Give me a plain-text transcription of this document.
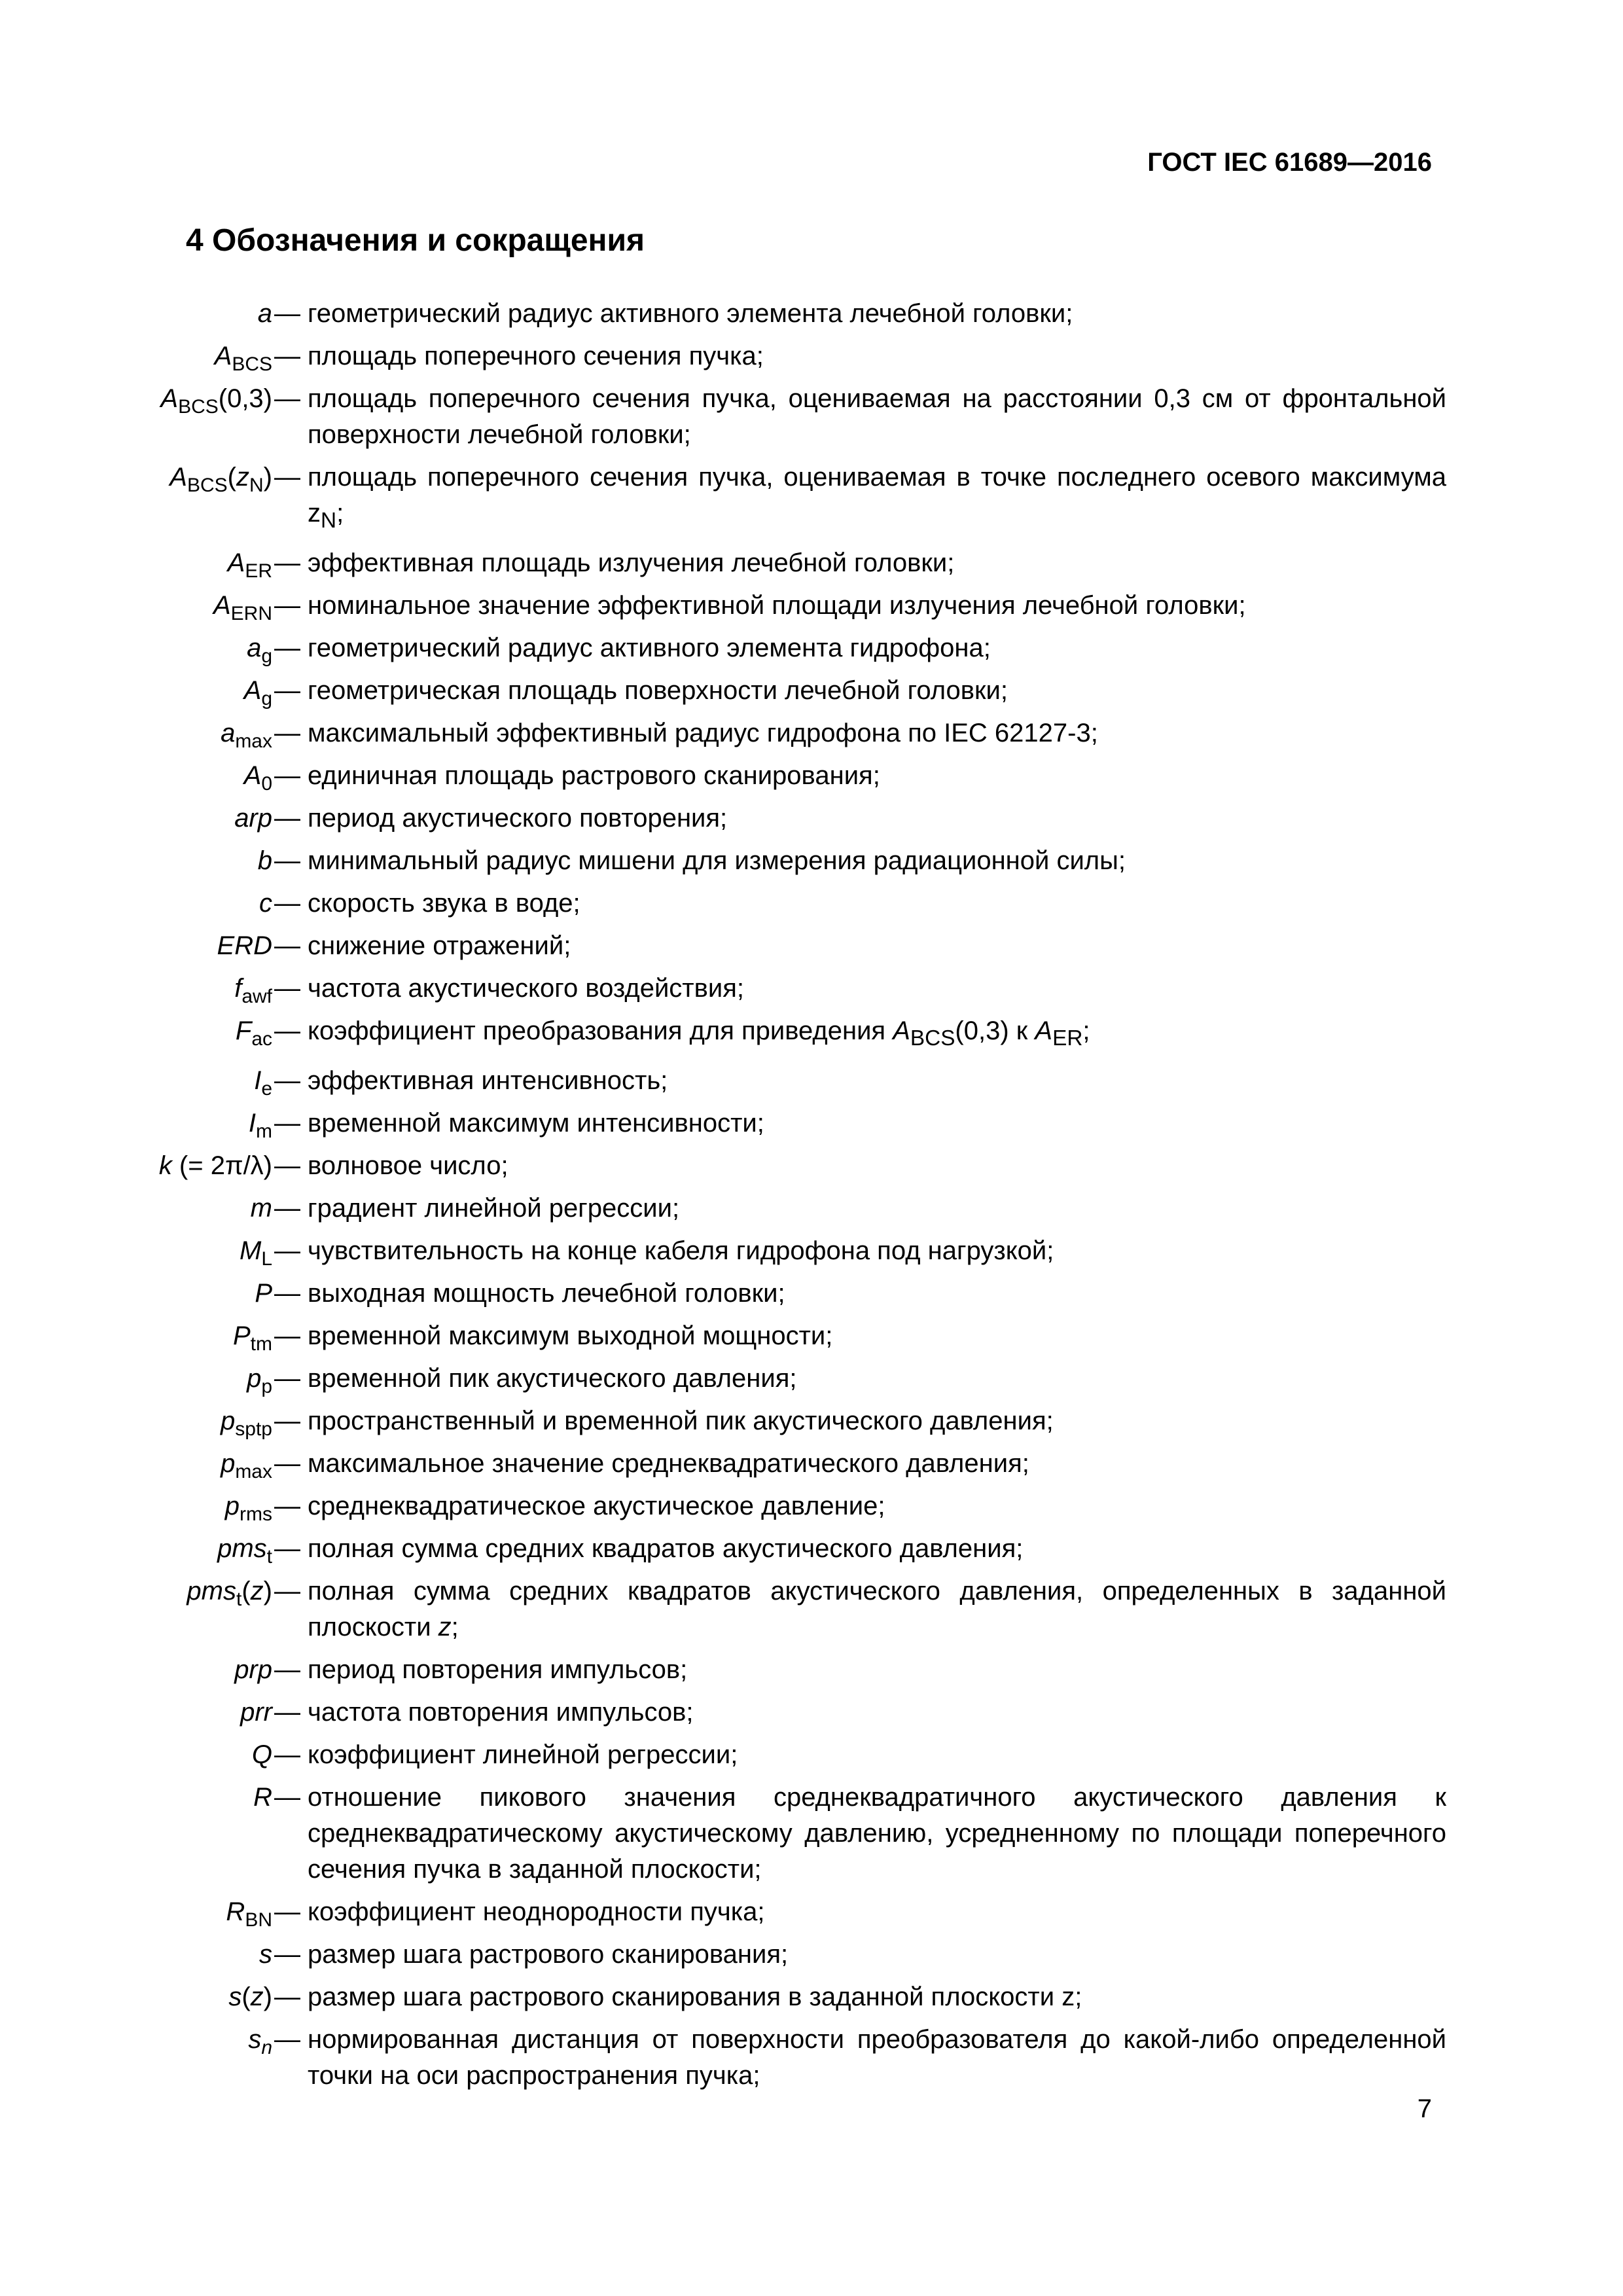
ГОСТ IEC 61689—2016
4 Обозначения и сокращения
a — геометрический радиус активного элемента лечебной головки;
$A_{BCS}$ — площадь поперечного сечения пучка;
$A_{BCS}(0,3)$ — площадь поперечного сечения пучка, оцениваемая на расстоянии 0,3 см от фронтальной поверхности лечебной головки;
$A_{BCS}(z_N)$ — площадь поперечного сечения пучка, оцениваемая в точке последнего осевого максимума $z_N$;
$A_{ER}$ — эффективная площадь излучения лечебной головки;
$A_{ERN}$ — номинальное значение эффективной площади излучения лечебной головки;
$a_g$ — геометрический радиус активного элемента гидрофона;
$A_g$ — геометрическая площадь поверхности лечебной головки;
$a_{max}$ — максимальный эффективный радиус гидрофона по IEC 62127-3;
$A_0$ — единичная площадь растрового сканирования;
arp — период акустического повторения;
b — минимальный радиус мишени для измерения радиационной силы;
c — скорость звука в воде;
ERD — снижение отражений;
$f_{awf}$ — частота акустического воздействия;
$F_{ac}$ — коэффициент преобразования для приведения $A_{BCS}(0,3)$ к $A_{ER}$;
$I_e$ — эффективная интенсивность;
$I_m$ — временной максимум интенсивности;
k (= 2π/λ) — волновое число;
m — градиент линейной регрессии;
$M_L$ — чувствительность на конце кабеля гидрофона под нагрузкой;
P — выходная мощность лечебной головки;
$P_{tm}$ — временной максимум выходной мощности;
$p_p$ — временной пик акустического давления;
$p_{sptp}$ — пространственный и временной пик акустического давления;
$p_{max}$ — максимальное значение среднеквадратического давления;
$p_{rms}$ — среднеквадратическое акустическое давление;
pms$_t$ — полная сумма средних квадратов акустического давления;
pms$_t$(z) — полная сумма средних квадратов акустического давления, определенных в заданной плоскости z;
prp — период повторения импульсов;
prr — частота повторения импульсов;
Q — коэффициент линейной регрессии;
R — отношение пикового значения среднеквадратичного акустического давления к среднеквадратическому акустическому давлению, усредненному по площади поперечного сечения пучка в заданной плоскости;
$R_{BN}$ — коэффициент неоднородности пучка;
s — размер шага растрового сканирования;
s(z) — размер шага растрового сканирования в заданной плоскости z;
$s_n$ — нормированная дистанция от поверхности преобразователя до какой-либо определенной точки на оси распространения пучка;
7
